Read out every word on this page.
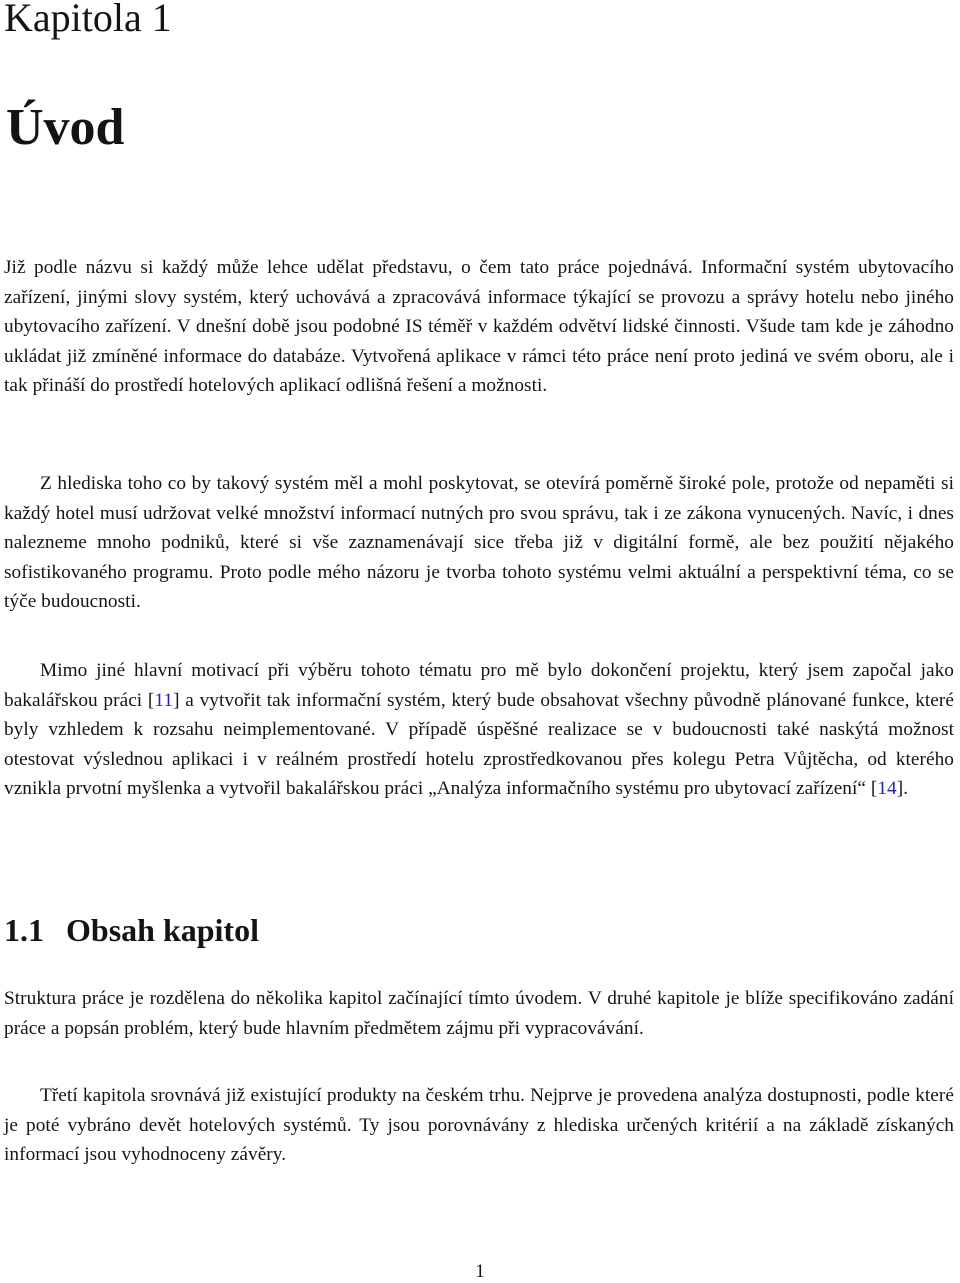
Kapitola 1
Úvod

Již podle názvu si každý může lehce udělat představu, o čem tato práce pojednává. Informační systém ubytovacího zařízení, jinými slovy systém, který uchovává a zpracovává informace týkající se provozu a správy hotelu nebo jiného ubytovacího zařízení. V dnešní době jsou podobné IS téměř v každém odvětví lidské činnosti. Všude tam kde je záhodno ukládat již zmíněné informace do databáze. Vytvořená aplikace v rámci této práce není proto jediná ve svém oboru, ale i tak přináší do prostředí hotelových aplikací odlišná řešení a možnosti.

Z hlediska toho co by takový systém měl a mohl poskytovat, se otevírá poměrně široké pole, protože od nepaměti si každý hotel musí udržovat velké množství informací nutných pro svou správu, tak i ze zákona vynucených. Navíc, i dnes nalezneme mnoho podniků, které si vše zaznamenávají sice třeba již v digitální formě, ale bez použití nějakého sofistikovaného programu. Proto podle mého názoru je tvorba tohoto systému velmi aktuální a perspektivní téma, co se týče budoucnosti.

Mimo jiné hlavní motivací při výběru tohoto tématu pro mě bylo dokončení projektu, který jsem započal jako bakalářskou práci [11] a vytvořit tak informační systém, který bude obsahovat všechny původně plánované funkce, které byly vzhledem k rozsahu neimplementované. V případě úspěšné realizace se v budoucnosti také naskýtá možnost otestovat výslednou aplikaci i v reálném prostředí hotelu zprostředkovanou přes kolegu Petra Vůjtěcha, od kterého vznikla prvotní myšlenka a vytvořil bakalářskou práci „Analýza informačního systému pro ubytovací zařízení“ [14].

1.1 Obsah kapitol

Struktura práce je rozdělena do několika kapitol začínající tímto úvodem. V druhé kapitole je blíže specifikováno zadání práce a popsán problém, který bude hlavním předmětem zájmu při vypracovávání.

Třetí kapitola srovnává již existující produkty na českém trhu. Nejprve je provedena analýza dostupnosti, podle které je poté vybráno devět hotelových systémů. Ty jsou porovnávány z hlediska určených kritérií a na základě získaných informací jsou vyhodnoceny závěry.

1
